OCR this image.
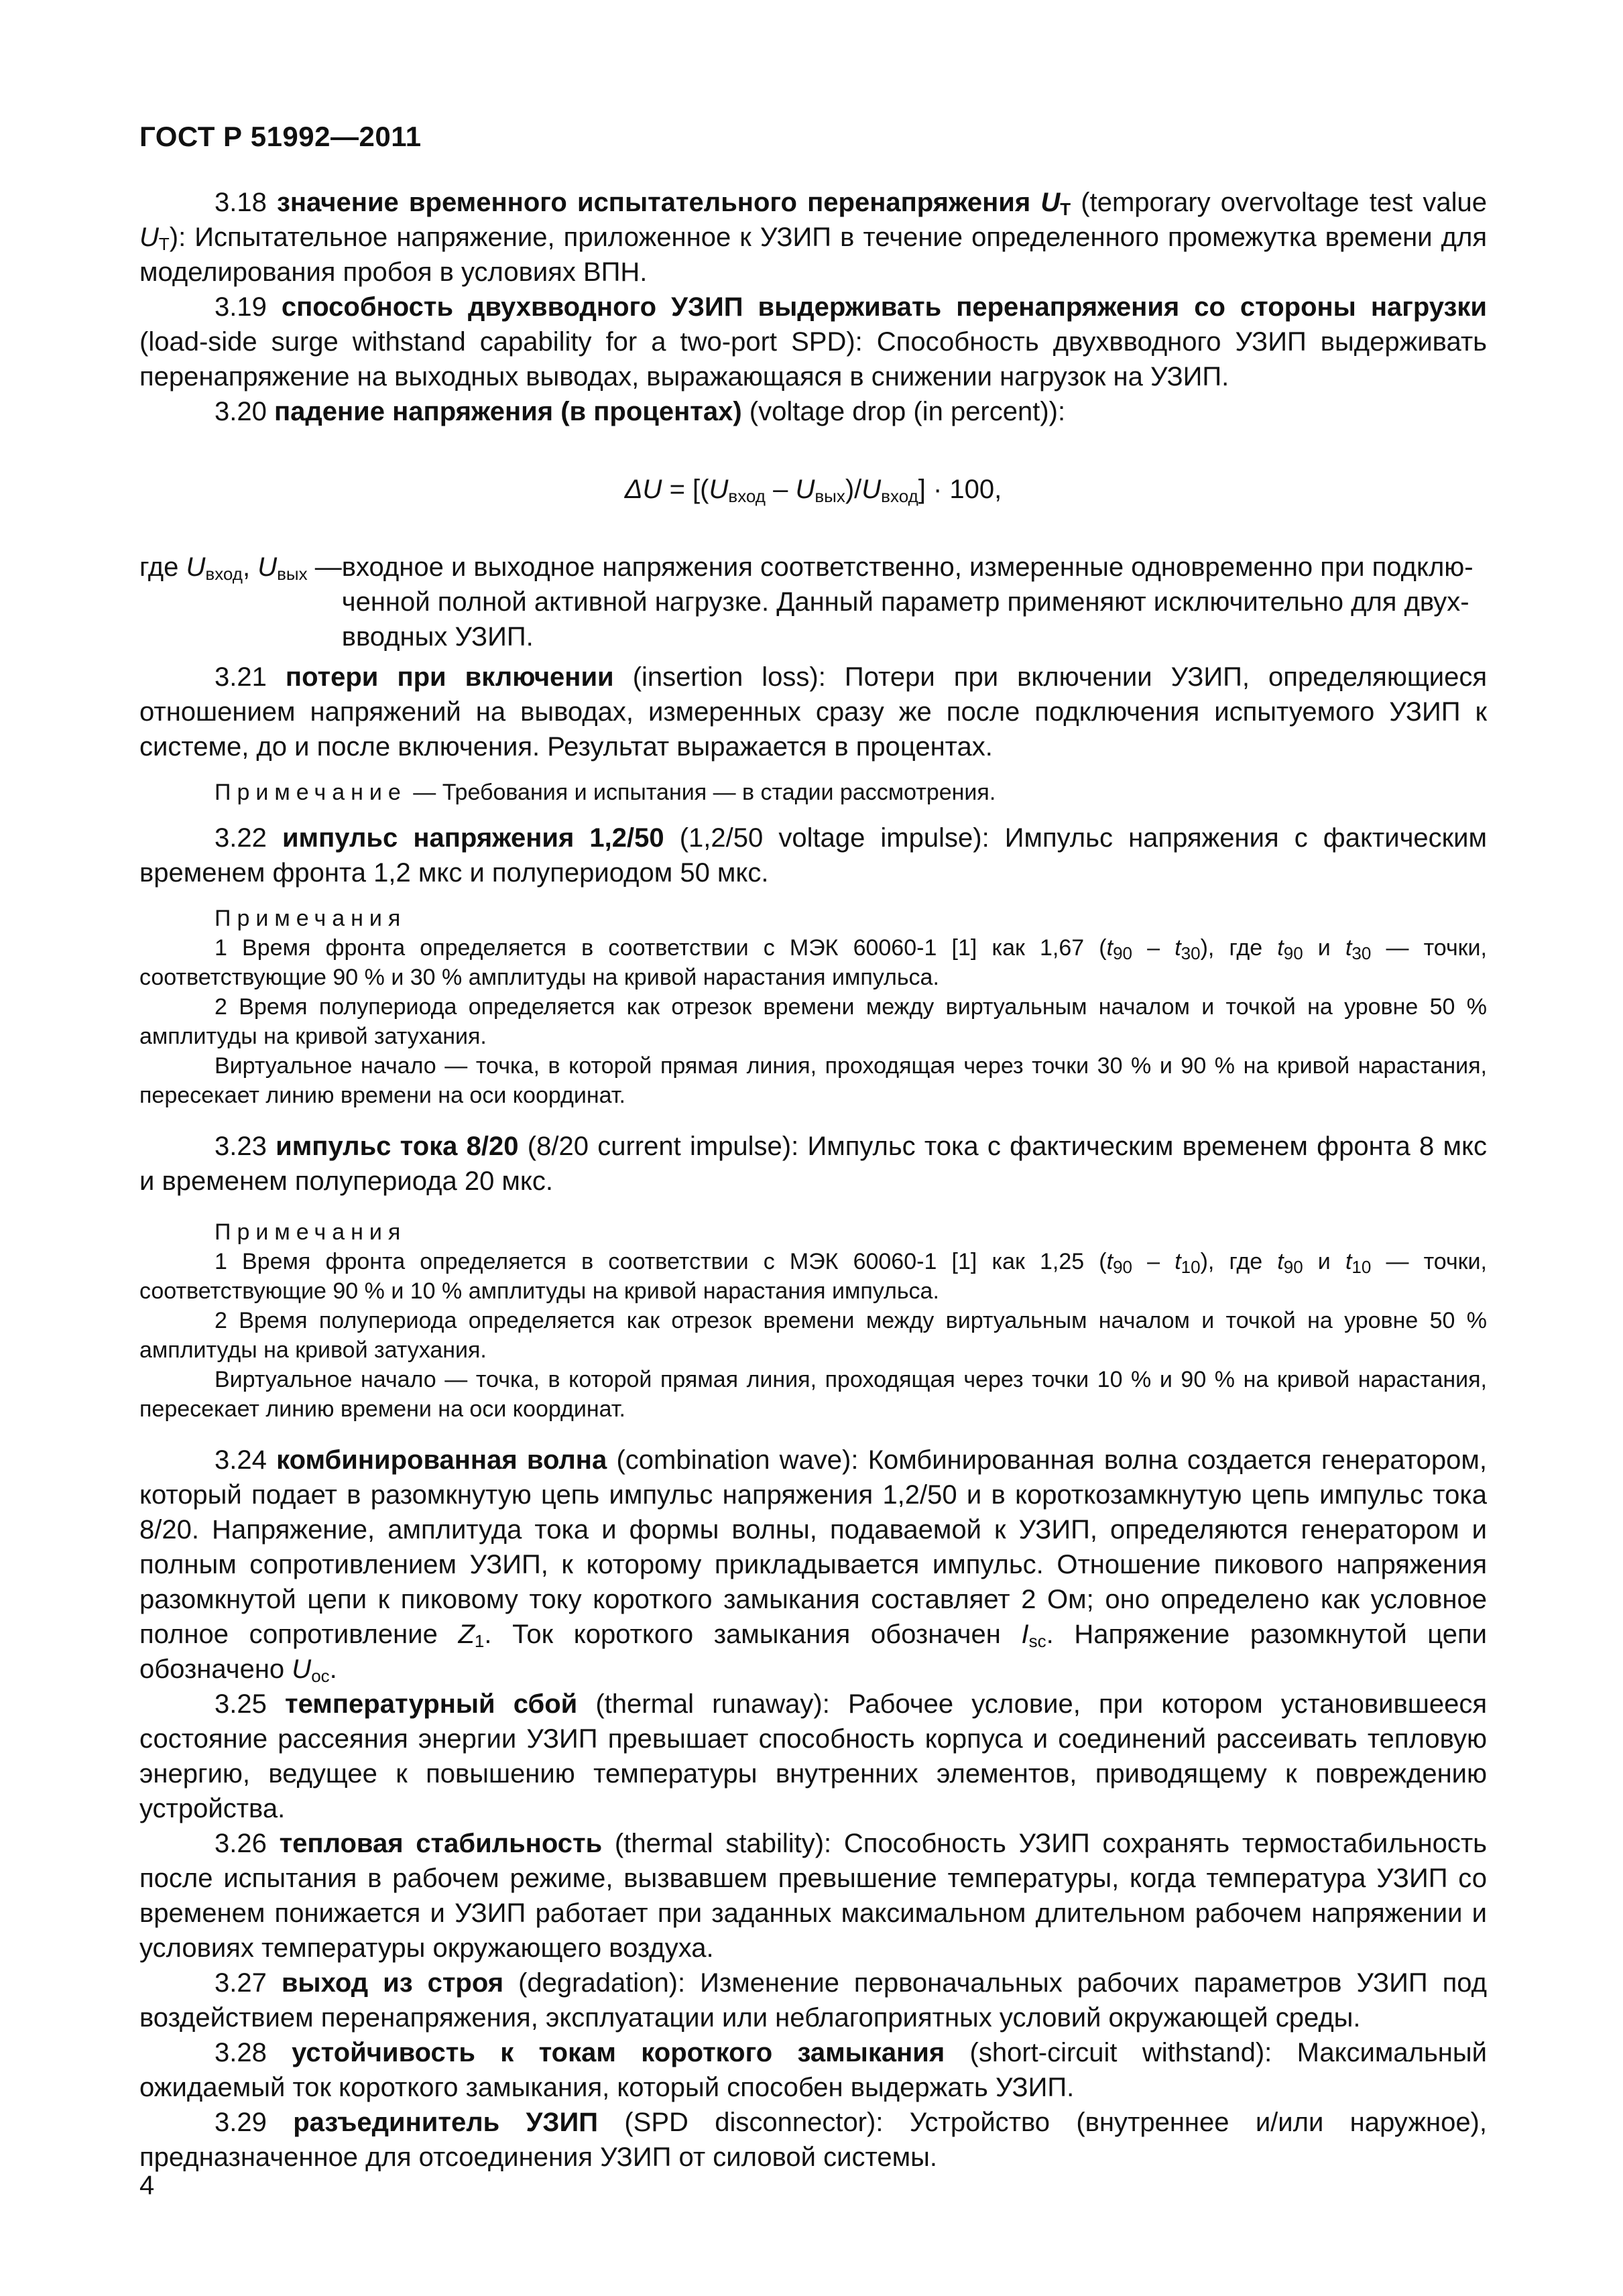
ГОСТ Р 51992—2011

3.18 значение временного испытательного перенапряжения $U_T$ (temporary overvoltage test value $U_T$): Испытательное напряжение, приложенное к УЗИП в течение определенного промежутка времени для моделирования пробоя в условиях ВПН.

3.19 способность двухвводного УЗИП выдерживать перенапряжения со стороны нагрузки (load-side surge withstand capability for a two-port SPD): Способность двухвводного УЗИП выдерживать перенапряжение на выходных выводах, выражающаяся в снижении нагрузок на УЗИП.

3.20 падение напряжения (в процентах) (voltage drop (in percent)):

$\Delta U = [(U_{вход} - U_{вых})/U_{вход}] \cdot 100$,
где $U_{вход}$, $U_{вых}$ — входное и выходное напряжения соответственно, измеренные одновременно при подклю-
ченной полной активной нагрузке. Данный параметр применяют исключительно для двух-
вводных УЗИП.

3.21 потери при включении (insertion loss): Потери при включении УЗИП, определяющиеся отношением напряжений на выводах, измеренных сразу же после подключения испытуемого УЗИП к системе, до и после включения. Результат выражается в процентах.

Примечание — Требования и испытания — в стадии рассмотрения.

3.22 импульс напряжения 1,2/50 (1,2/50 voltage impulse): Импульс напряжения с фактическим временем фронта 1,2 мкс и полупериодом 50 мкс.

Примечания

1 Время фронта определяется в соответствии с МЭК 60060-1 [1] как 1,67 $(t_{90} - t_{30})$, где $t_{90}$ и $t_{30}$ — точки, соответствующие 90 % и 30 % амплитуды на кривой нарастания импульса.

2 Время полупериода определяется как отрезок времени между виртуальным началом и точкой на уровне 50 % амплитуды на кривой затухания.

Виртуальное начало — точка, в которой прямая линия, проходящая через точки 30 % и 90 % на кривой нарастания, пересекает линию времени на оси координат.

3.23 импульс тока 8/20 (8/20 current impulse): Импульс тока с фактическим временем фронта 8 мкс и временем полупериода 20 мкс.

Примечания

1 Время фронта определяется в соответствии с МЭК 60060-1 [1] как 1,25 $(t_{90} - t_{10})$, где $t_{90}$ и $t_{10}$ — точки, соответствующие 90 % и 10 % амплитуды на кривой нарастания импульса.

2 Время полупериода определяется как отрезок времени между виртуальным началом и точкой на уровне 50 % амплитуды на кривой затухания.

Виртуальное начало — точка, в которой прямая линия, проходящая через точки 10 % и 90 % на кривой нарастания, пересекает линию времени на оси координат.

3.24 комбинированная волна (combination wave): Комбинированная волна создается генератором, который подает в разомкнутую цепь импульс напряжения 1,2/50 и в короткозамкнутую цепь импульс тока 8/20. Напряжение, амплитуда тока и формы волны, подаваемой к УЗИП, определяются генератором и полным сопротивлением УЗИП, к которому прикладывается импульс. Отношение пикового напряжения разомкнутой цепи к пиковому току короткого замыкания составляет 2 Ом; оно определено как условное полное сопротивление $Z_1$. Ток короткого замыкания обозначен $I_{sc}$. Напряжение разомкнутой цепи обозначено $U_{oc}$.

3.25 температурный сбой (thermal runaway): Рабочее условие, при котором установившееся состояние рассеяния энергии УЗИП превышает способность корпуса и соединений рассеивать тепловую энергию, ведущее к повышению температуры внутренних элементов, приводящему к повреждению устройства.

3.26 тепловая стабильность (thermal stability): Способность УЗИП сохранять термостабильность после испытания в рабочем режиме, вызвавшем превышение температуры, когда температура УЗИП со временем понижается и УЗИП работает при заданных максимальном длительном рабочем напряжении и условиях температуры окружающего воздуха.

3.27 выход из строя (degradation): Изменение первоначальных рабочих параметров УЗИП под воздействием перенапряжения, эксплуатации или неблагоприятных условий окружающей среды.

3.28 устойчивость к токам короткого замыкания (short-circuit withstand): Максимальный ожидаемый ток короткого замыкания, который способен выдержать УЗИП.

3.29 разъединитель УЗИП (SPD disconnector): Устройство (внутреннее и/или наружное), предназначенное для отсоединения УЗИП от силовой системы.

4
